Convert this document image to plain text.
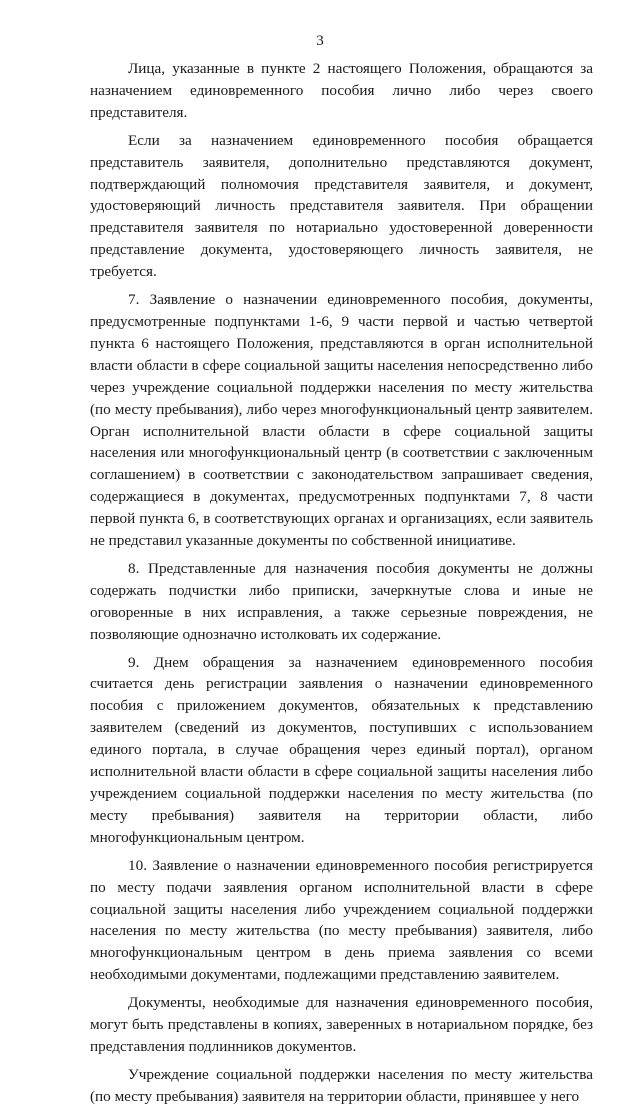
3

Лица, указанные в пункте 2 настоящего Положения, обращаются за назначением единовременного пособия лично либо через своего представителя.

Если за назначением единовременного пособия обращается представитель заявителя, дополнительно представляются документ, подтверждающий полномочия представителя заявителя, и документ, удостоверяющий личность представителя заявителя. При обращении представителя заявителя по нотариально удостоверенной доверенности представление документа, удостоверяющего личность заявителя, не требуется.

7. Заявление о назначении единовременного пособия, документы, предусмотренные подпунктами 1-6, 9 части первой и частью четвертой пункта 6 настоящего Положения, представляются в орган исполнительной власти области в сфере социальной защиты населения непосредственно либо через учреждение социальной поддержки населения по месту жительства (по месту пребывания), либо через многофункциональный центр заявителем. Орган исполнительной власти области в сфере социальной защиты населения или многофункциональный центр (в соответствии с заключенным соглашением) в соответствии с законодательством запрашивает сведения, содержащиеся в документах, предусмотренных подпунктами 7, 8 части первой пункта 6, в соответствующих органах и организациях, если заявитель не представил указанные документы по собственной инициативе.

8. Представленные для назначения пособия документы не должны содержать подчистки либо приписки, зачеркнутые слова и иные не оговоренные в них исправления, а также серьезные повреждения, не позволяющие однозначно истолковать их содержание.

9. Днем обращения за назначением единовременного пособия считается день регистрации заявления о назначении единовременного пособия с приложением документов, обязательных к представлению заявителем (сведений из документов, поступивших с использованием единого портала, в случае обращения через единый портал), органом исполнительной власти области в сфере социальной защиты населения либо учреждением социальной поддержки населения по месту жительства (по месту пребывания) заявителя на территории области, либо многофункциональным центром.

10. Заявление о назначении единовременного пособия регистрируется по месту подачи заявления органом исполнительной власти в сфере социальной защиты населения либо учреждением социальной поддержки населения по месту жительства (по месту пребывания) заявителя, либо многофункциональным центром в день приема заявления со всеми необходимыми документами, подлежащими представлению заявителем.

Документы, необходимые для назначения единовременного пособия, могут быть представлены в копиях, заверенных в нотариальном порядке, без представления подлинников документов.

Учреждение социальной поддержки населения по месту жительства (по месту пребывания) заявителя на территории области, принявшее у него
